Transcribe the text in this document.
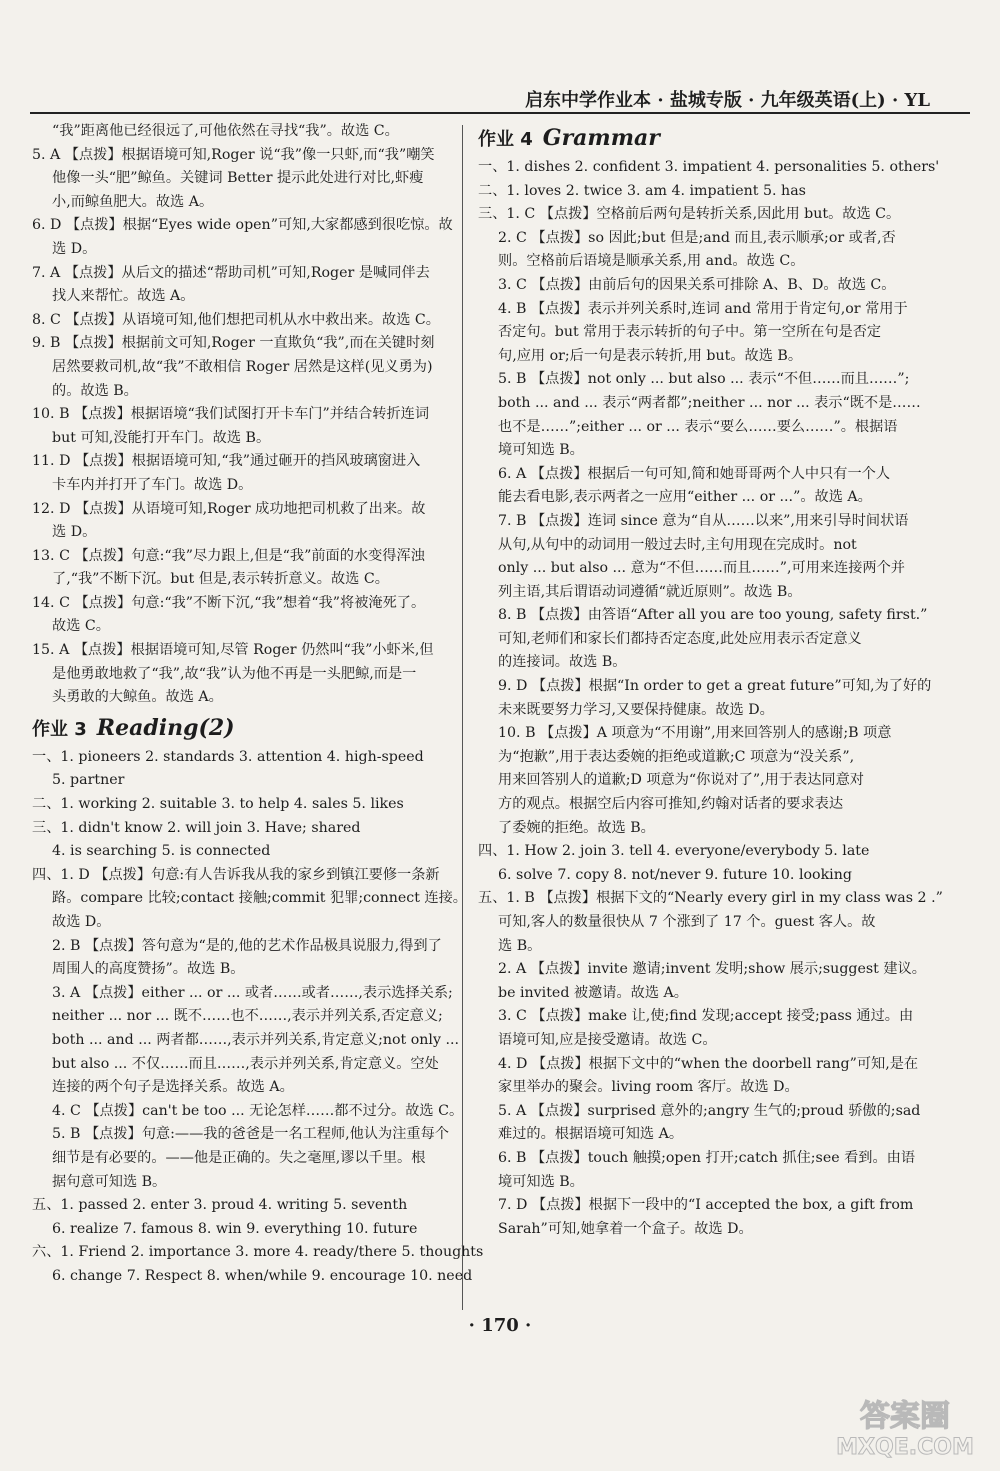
启东中学作业本 · 盐城专版 · 九年级英语(上) · YL
“我”距离他已经很远了,可他依然在寻找“我”。故选 C。
5. A 【点拨】根据语境可知,Roger 说“我”像一只虾,而“我”嘲笑
他像一头“肥”鲸鱼。关键词 Better 提示此处进行对比,虾瘦
小,而鲸鱼肥大。故选 A。
6. D 【点拨】根据“Eyes wide open”可知,大家都感到很吃惊。故
选 D。
7. A 【点拨】从后文的描述“帮助司机”可知,Roger 是喊同伴去
找人来帮忙。故选 A。
8. C 【点拨】从语境可知,他们想把司机从水中救出来。故选 C。
9. B 【点拨】根据前文可知,Roger 一直欺负“我”,而在关键时刻
居然要救司机,故“我”不敢相信 Roger 居然是这样(见义勇为)
的。故选 B。
10. B 【点拨】根据语境“我们试图打开卡车门”并结合转折连词
but 可知,没能打开车门。故选 B。
11. D 【点拨】根据语境可知,“我”通过砸开的挡风玻璃窗进入
卡车内并打开了车门。故选 D。
12. D 【点拨】从语境可知,Roger 成功地把司机救了出来。故
选 D。
13. C 【点拨】句意:“我”尽力跟上,但是“我”前面的水变得浑浊
了,“我”不断下沉。but 但是,表示转折意义。故选 C。
14. C 【点拨】句意:“我”不断下沉,“我”想着“我”将被淹死了。
故选 C。
15. A 【点拨】根据语境可知,尽管 Roger 仍然叫“我”小虾米,但
是他勇敢地救了“我”,故“我”认为他不再是一头肥鲸,而是一
头勇敢的大鲸鱼。故选 A。
作业 3 Reading(2)
一、1. pioneers 2. standards 3. attention 4. high-speed
5. partner
二、1. working 2. suitable 3. to help 4. sales 5. likes
三、1. didn't know 2. will join 3. Have; shared
4. is searching 5. is connected
四、1. D 【点拨】句意:有人告诉我从我的家乡到镇江要修一条新
路。compare 比较;contact 接触;commit 犯罪;connect 连接。
故选 D。
2. B 【点拨】答句意为“是的,他的艺术作品极具说服力,得到了
周围人的高度赞扬”。故选 B。
3. A 【点拨】either ... or ... 或者……或者……,表示选择关系;
neither ... nor ... 既不……也不……,表示并列关系,否定意义;
both ... and ... 两者都……,表示并列关系,肯定意义;not only ...
but also ... 不仅……而且……,表示并列关系,肯定意义。空处
连接的两个句子是选择关系。故选 A。
4. C 【点拨】can't be too ... 无论怎样……都不过分。故选 C。
5. B 【点拨】句意:——我的爸爸是一名工程师,他认为注重每个
细节是有必要的。——他是正确的。失之毫厘,谬以千里。根
据句意可知选 B。
五、1. passed 2. enter 3. proud 4. writing 5. seventh
6. realize 7. famous 8. win 9. everything 10. future
六、1. Friend 2. importance 3. more 4. ready/there 5. thoughts
6. change 7. Respect 8. when/while 9. encourage 10. need
作业 4 Grammar
一、1. dishes 2. confident 3. impatient 4. personalities 5. others'
二、1. loves 2. twice 3. am 4. impatient 5. has
三、1. C 【点拨】空格前后两句是转折关系,因此用 but。故选 C。
2. C 【点拨】so 因此;but 但是;and 而且,表示顺承;or 或者,否
则。空格前后语境是顺承关系,用 and。故选 C。
3. C 【点拨】由前后句的因果关系可排除 A、B、D。故选 C。
4. B 【点拨】表示并列关系时,连词 and 常用于肯定句,or 常用于
否定句。but 常用于表示转折的句子中。第一空所在句是否定
句,应用 or;后一句是表示转折,用 but。故选 B。
5. B 【点拨】not only ... but also ... 表示“不但……而且……”;
both ... and ... 表示“两者都”;neither ... nor ... 表示“既不是……
也不是……”;either ... or ... 表示“要么……要么……”。根据语
境可知选 B。
6. A 【点拨】根据后一句可知,简和她哥哥两个人中只有一个人
能去看电影,表示两者之一应用“either ... or ...”。故选 A。
7. B 【点拨】连词 since 意为“自从……以来”,用来引导时间状语
从句,从句中的动词用一般过去时,主句用现在完成时。not
only ... but also ... 意为“不但……而且……”,可用来连接两个并
列主语,其后谓语动词遵循“就近原则”。故选 B。
8. B 【点拨】由答语“After all you are too young, safety first.”
可知,老师们和家长们都持否定态度,此处应用表示否定意义
的连接词。故选 B。
9. D 【点拨】根据“In order to get a great future”可知,为了好的
未来既要努力学习,又要保持健康。故选 D。
10. B 【点拨】A 项意为“不用谢”,用来回答别人的感谢;B 项意
为“抱歉”,用于表达委婉的拒绝或道歉;C 项意为“没关系”,
用来回答别人的道歉;D 项意为“你说对了”,用于表达同意对
方的观点。根据空后内容可推知,约翰对话者的要求表达
了委婉的拒绝。故选 B。
四、1. How 2. join 3. tell 4. everyone/everybody 5. late
6. solve 7. copy 8. not/never 9. future 10. looking
五、1. B 【点拨】根据下文的“Nearly every girl in my class was 2 .”
可知,客人的数量很快从 7 个涨到了 17 个。guest 客人。故
选 B。
2. A 【点拨】invite 邀请;invent 发明;show 展示;suggest 建议。
be invited 被邀请。故选 A。
3. C 【点拨】make 让,使;find 发现;accept 接受;pass 通过。由
语境可知,应是接受邀请。故选 C。
4. D 【点拨】根据下文中的“when the doorbell rang”可知,是在
家里举办的聚会。living room 客厅。故选 D。
5. A 【点拨】surprised 意外的;angry 生气的;proud 骄傲的;sad
难过的。根据语境可知选 A。
6. B 【点拨】touch 触摸;open 打开;catch 抓住;see 看到。由语
境可知选 B。
7. D 【点拨】根据下一段中的“I accepted the box, a gift from
Sarah”可知,她拿着一个盒子。故选 D。
· 170 ·
答案圈
MXQE.COM
